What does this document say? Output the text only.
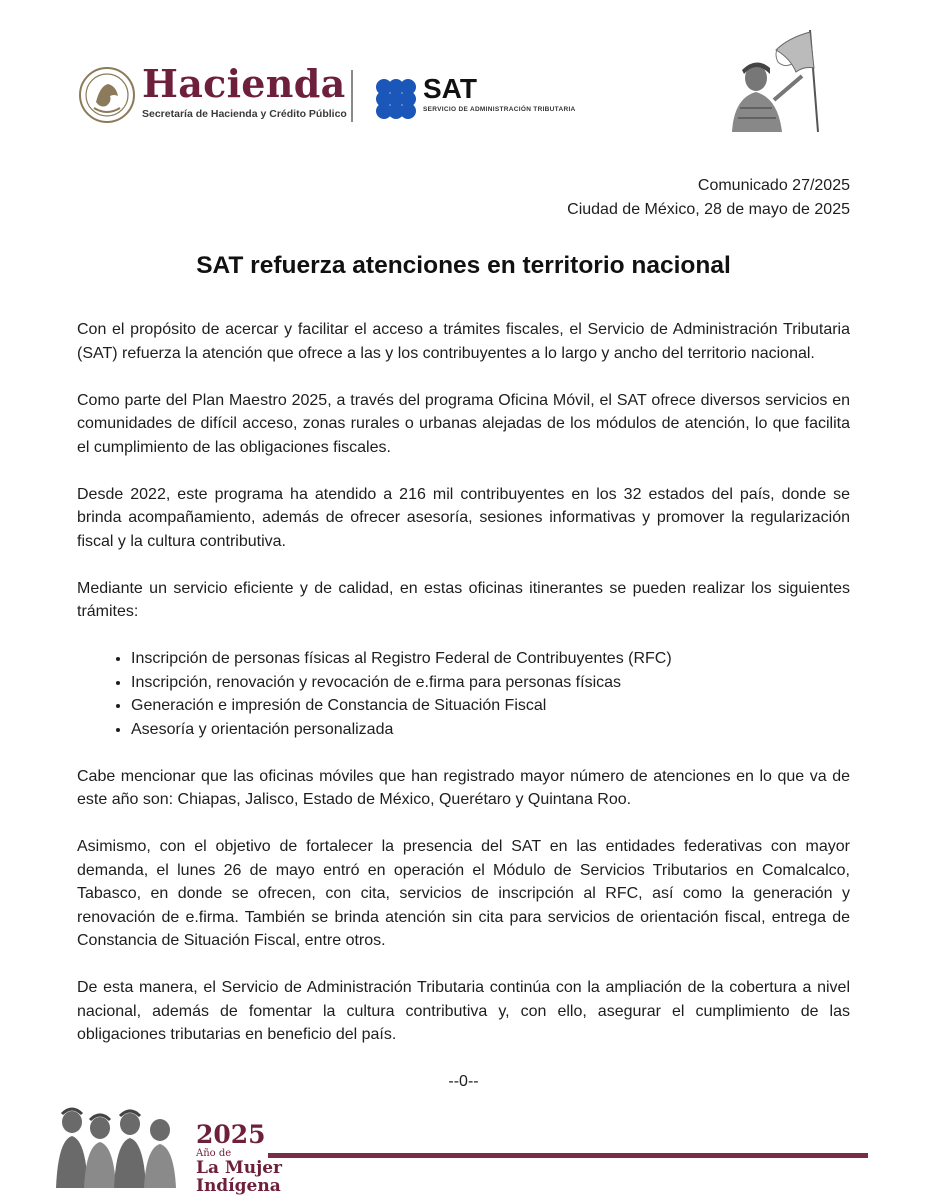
Hacienda
Secretaría de Hacienda y Crédito Público
SAT
SERVICIO DE ADMINISTRACIÓN TRIBUTARIA
Comunicado 27/2025
Ciudad de México, 28 de mayo de 2025
SAT refuerza atenciones en territorio nacional

Con el propósito de acercar y facilitar el acceso a trámites fiscales, el Servicio de Administración Tributaria (SAT) refuerza la atención que ofrece a las y los contribuyentes a lo largo y ancho del territorio nacional.

Como parte del Plan Maestro 2025, a través del programa Oficina Móvil, el SAT ofrece diversos servicios en comunidades de difícil acceso, zonas rurales o urbanas alejadas de los módulos de atención, lo que facilita el cumplimiento de las obligaciones fiscales.

Desde 2022, este programa ha atendido a 216 mil contribuyentes en los 32 estados del país, donde se brinda acompañamiento, además de ofrecer asesoría, sesiones informativas y promover la regularización fiscal y la cultura contributiva.

Mediante un servicio eficiente y de calidad, en estas oficinas itinerantes se pueden realizar los siguientes trámites:

• Inscripción de personas físicas al Registro Federal de Contribuyentes (RFC)
• Inscripción, renovación y revocación de e.firma para personas físicas
• Generación e impresión de Constancia de Situación Fiscal
• Asesoría y orientación personalizada

Cabe mencionar que las oficinas móviles que han registrado mayor número de atenciones en lo que va de este año son: Chiapas, Jalisco, Estado de México, Querétaro y Quintana Roo.

Asimismo, con el objetivo de fortalecer la presencia del SAT en las entidades federativas con mayor demanda, el lunes 26 de mayo entró en operación el Módulo de Servicios Tributarios en Comalcalco, Tabasco, en donde se ofrecen, con cita, servicios de inscripción al RFC, así como la generación y renovación de e.firma. También se brinda atención sin cita para servicios de orientación fiscal, entrega de Constancia de Situación Fiscal, entre otros.

De esta manera, el Servicio de Administración Tributaria continúa con la ampliación de la cobertura a nivel nacional, además de fomentar la cultura contributiva y, con ello, asegurar el cumplimiento de las obligaciones tributarias en beneficio del país.

--0--
2025
Año de
La Mujer
Indígena
